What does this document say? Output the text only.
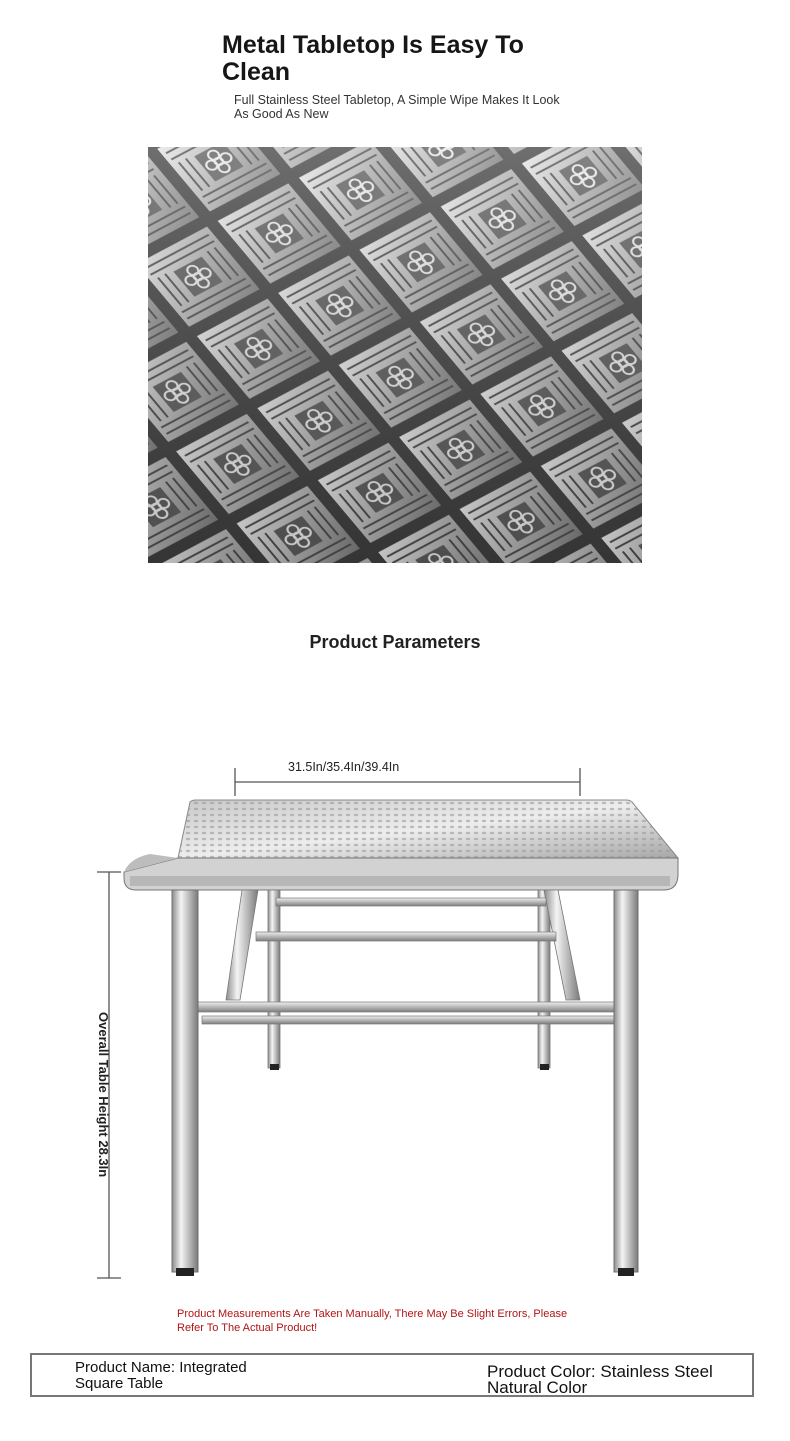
Metal Tabletop Is Easy To Clean
Full Stainless Steel Tabletop, A Simple Wipe Makes It Look As Good As New
Product Parameters
31.5In/35.4In/39.4In
Overall Table Height 28.3In
Product Measurements Are Taken Manually, There May Be Slight Errors, Please Refer To The Actual Product!
Product Name: Integrated Square Table
Product Color: Stainless Steel Natural Color
